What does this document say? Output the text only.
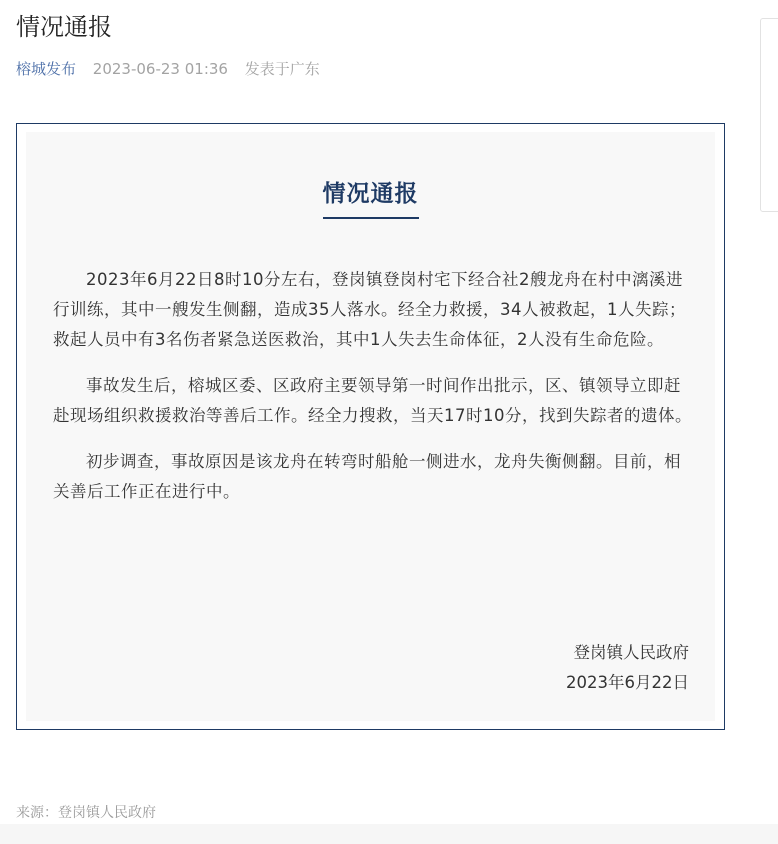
情况通报
榕城发布 2023-06-23 01:36 发表于广东
情况通报

2023年6月22日8时10分左右，登岗镇登岗村宅下经合社2艘龙舟在村中漓溪进行训练，其中一艘发生侧翻，造成35人落水。经全力救援，34人被救起，1人失踪；救起人员中有3名伤者紧急送医救治，其中1人失去生命体征，2人没有生命危险。

事故发生后，榕城区委、区政府主要领导第一时间作出批示，区、镇领导立即赶赴现场组织救援救治等善后工作。经全力搜救，当天17时10分，找到失踪者的遗体。

初步调查，事故原因是该龙舟在转弯时船舱一侧进水，龙舟失衡侧翻。目前，相关善后工作正在进行中。

登岗镇人民政府
2023年6月22日
来源：登岗镇人民政府
